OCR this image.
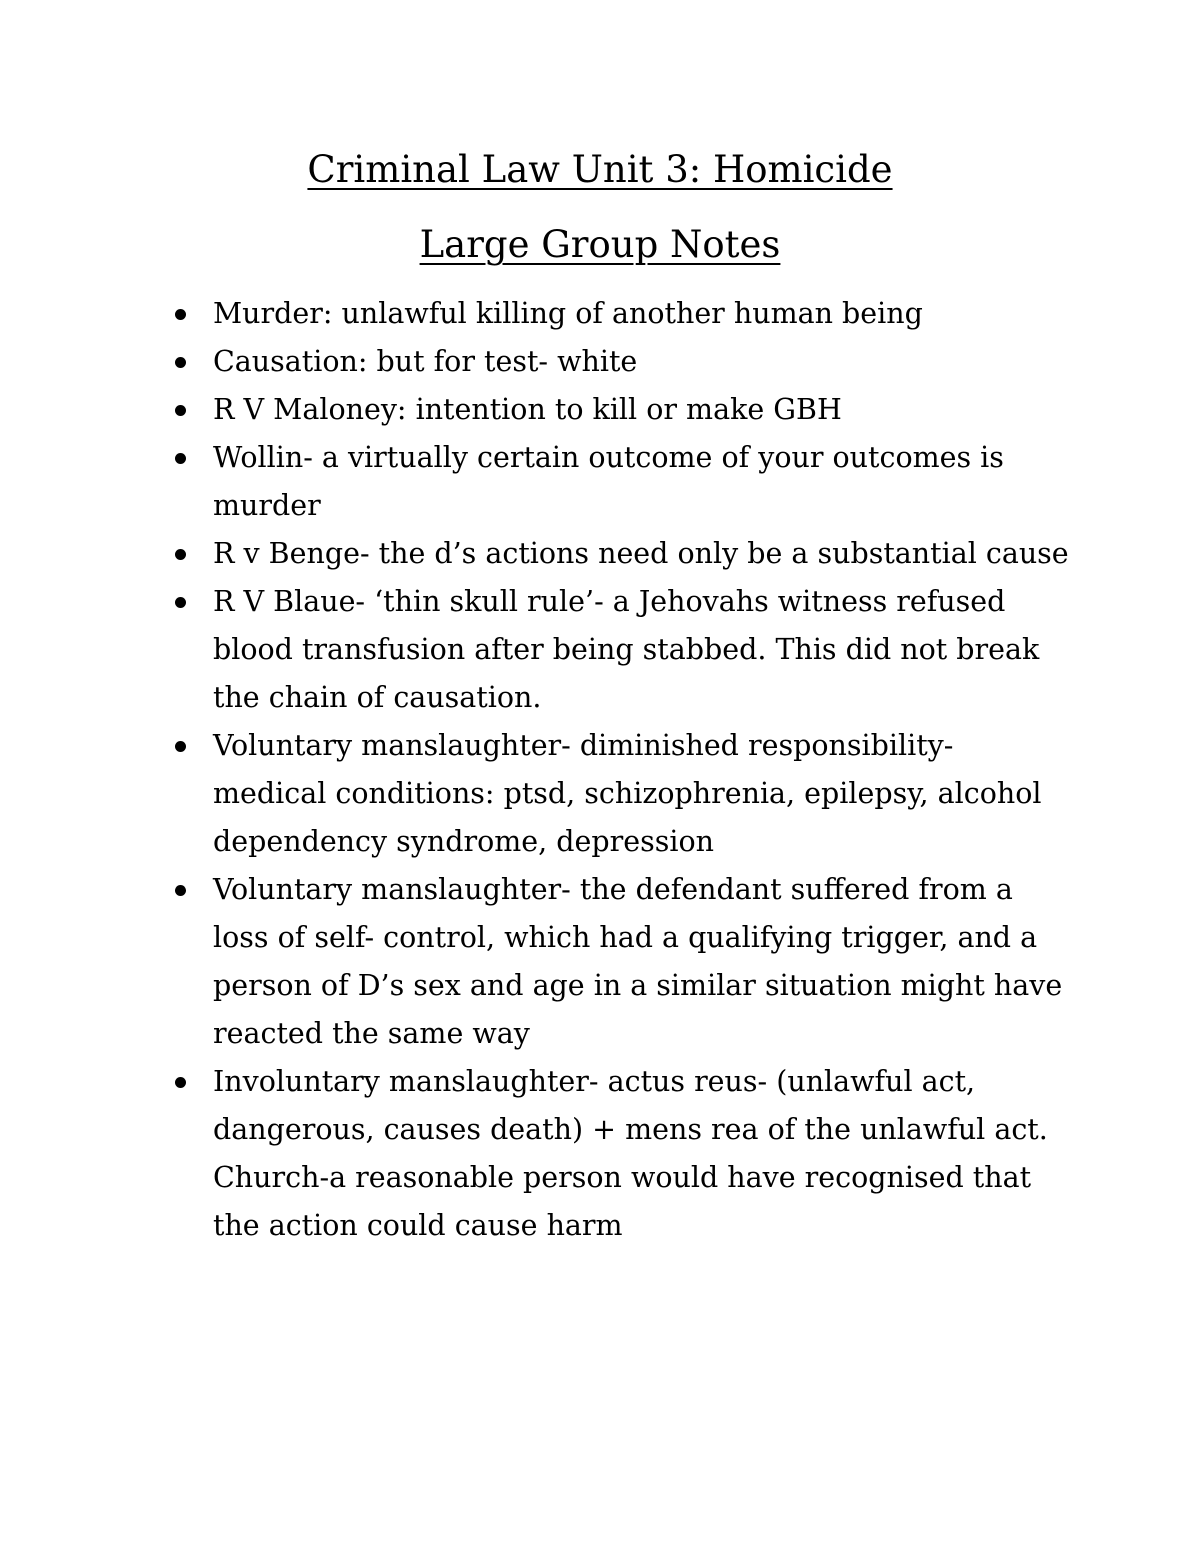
Criminal Law Unit 3: Homicide
Large Group Notes
Murder: unlawful killing of another human being
Causation: but for test- white
R V Maloney: intention to kill or make GBH
Wollin- a virtually certain outcome of your outcomes is murder
R v Benge- the d’s actions need only be a substantial cause
R V Blaue- ‘thin skull rule’- a Jehovahs witness refused blood transfusion after being stabbed. This did not break the chain of causation.
Voluntary manslaughter- diminished responsibility- medical conditions: ptsd, schizophrenia, epilepsy, alcohol dependency syndrome, depression
Voluntary manslaughter- the defendant suffered from a loss of self- control, which had a qualifying trigger, and a person of D’s sex and age in a similar situation might have reacted the same way
Involuntary manslaughter- actus reus- (unlawful act, dangerous, causes death) + mens rea of the unlawful act. Church-a reasonable person would have recognised that the action could cause harm
